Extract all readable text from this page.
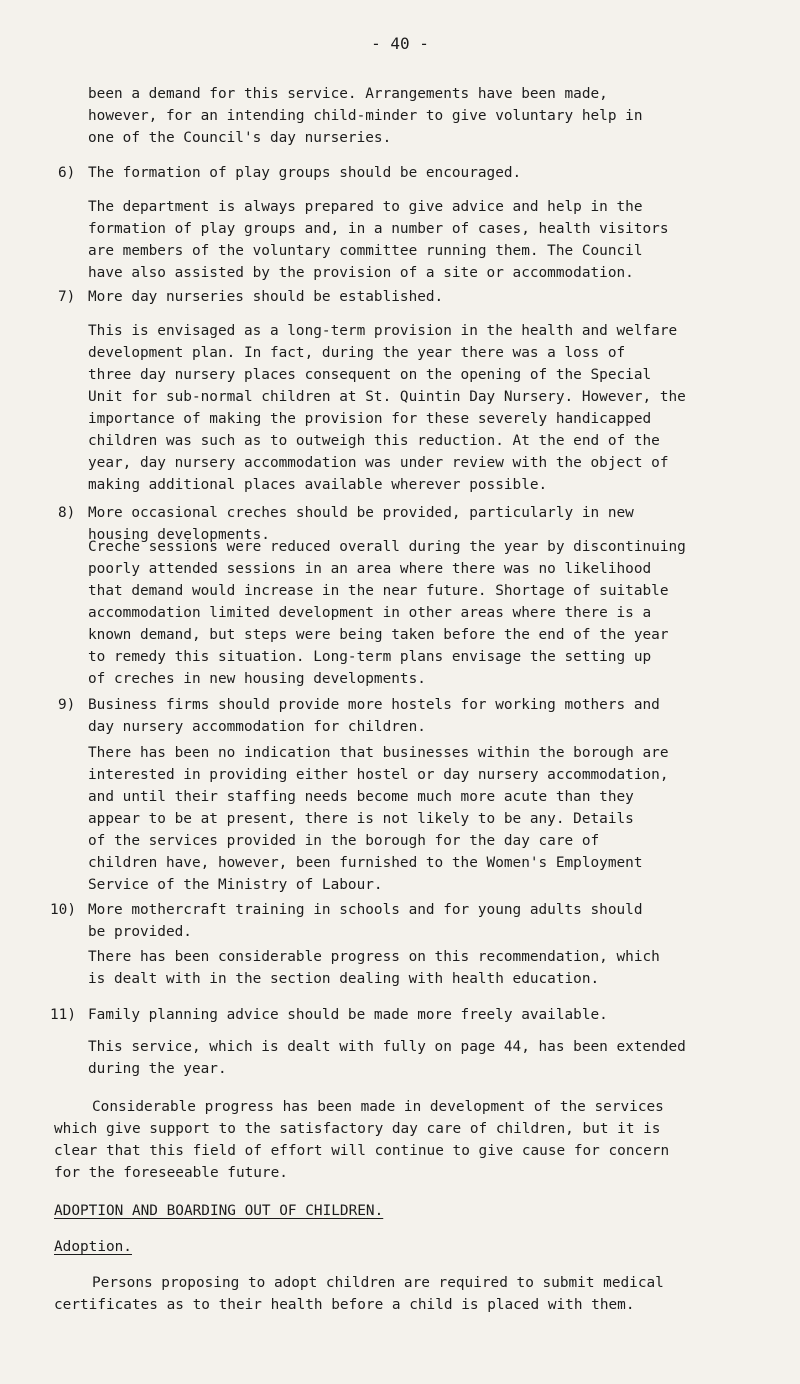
- 40 -
been a demand for this service. Arrangements have been made,
however, for an intending child-minder to give voluntary help in
one of the Council's day nurseries.
6) The formation of play groups should be encouraged.
The department is always prepared to give advice and help in the
formation of play groups and, in a number of cases, health visitors
are members of the voluntary committee running them. The Council
have also assisted by the provision of a site or accommodation.
7) More day nurseries should be established.
This is envisaged as a long-term provision in the health and welfare
development plan. In fact, during the year there was a loss of
three day nursery places consequent on the opening of the Special
Unit for sub-normal children at St. Quintin Day Nursery. However, the
importance of making the provision for these severely handicapped
children was such as to outweigh this reduction. At the end of the
year, day nursery accommodation was under review with the object of
making additional places available wherever possible.
8) More occasional creches should be provided, particularly in new
housing developments.
Creche sessions were reduced overall during the year by discontinuing
poorly attended sessions in an area where there was no likelihood
that demand would increase in the near future. Shortage of suitable
accommodation limited development in other areas where there is a
known demand, but steps were being taken before the end of the year
to remedy this situation. Long-term plans envisage the setting up
of creches in new housing developments.
9) Business firms should provide more hostels for working mothers and
day nursery accommodation for children.
There has been no indication that businesses within the borough are
interested in providing either hostel or day nursery accommodation,
and until their staffing needs become much more acute than they
appear to be at present, there is not likely to be any. Details
of the services provided in the borough for the day care of
children have, however, been furnished to the Women's Employment
Service of the Ministry of Labour.
10) More mothercraft training in schools and for young adults should
be provided.
There has been considerable progress on this recommendation, which
is dealt with in the section dealing with health education.
11) Family planning advice should be made more freely available.
This service, which is dealt with fully on page 44, has been extended
during the year.
Considerable progress has been made in development of the services
which give support to the satisfactory day care of children, but it is
clear that this field of effort will continue to give cause for concern
for the foreseeable future.
ADOPTION AND BOARDING OUT OF CHILDREN.
Adoption.
Persons proposing to adopt children are required to submit medical
certificates as to their health before a child is placed with them.
